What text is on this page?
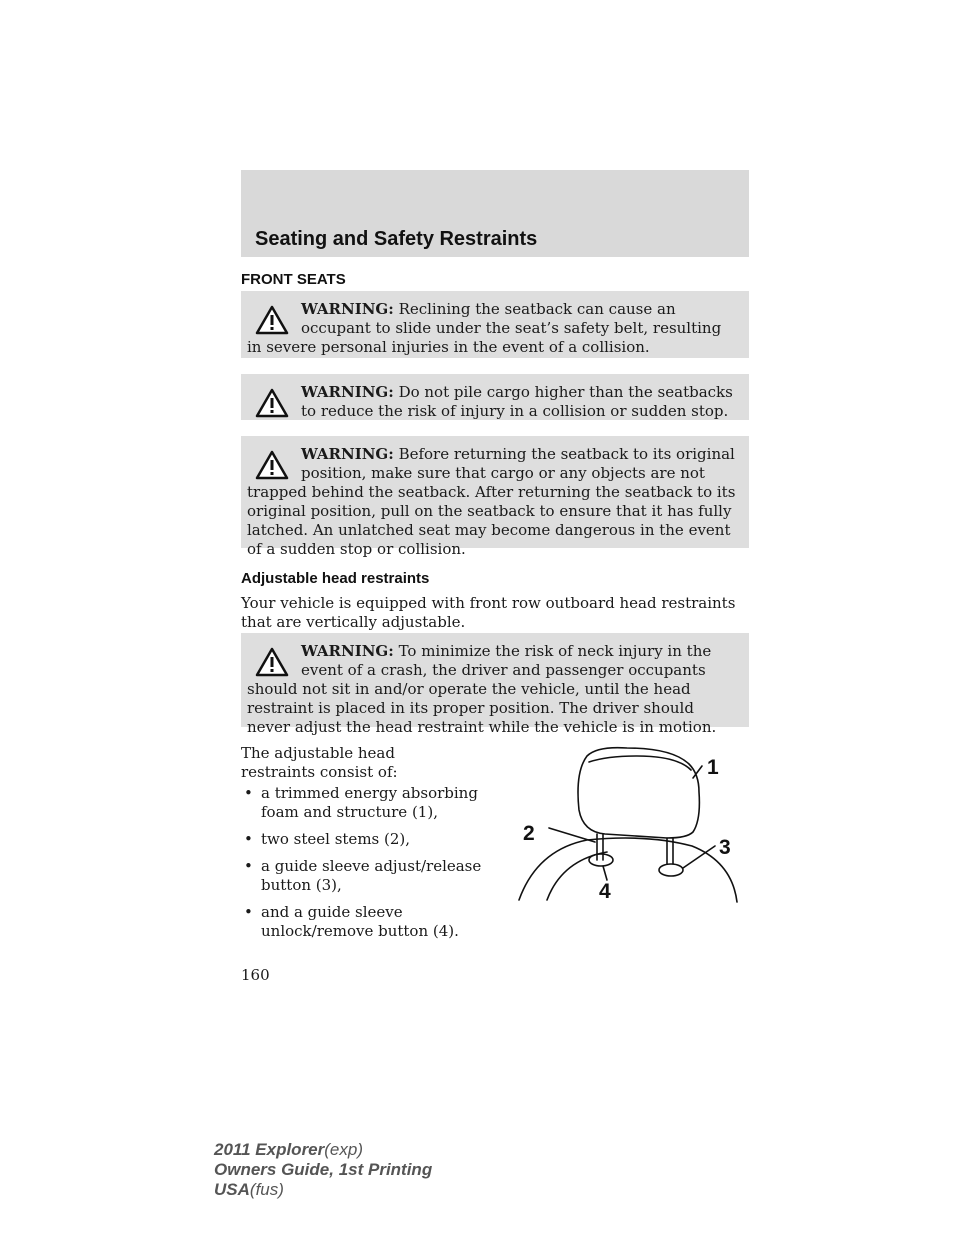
Seating and Safety Restraints
FRONT SEATS
WARNING: Reclining the seatback can cause an occupant to slide under the seat’s safety belt, resulting in severe personal injuries in the event of a collision.
WARNING: Do not pile cargo higher than the seatbacks to reduce the risk of injury in a collision or sudden stop.
WARNING: Before returning the seatback to its original position, make sure that cargo or any objects are not trapped behind the seatback. After returning the seatback to its original position, pull on the seatback to ensure that it has fully latched. An unlatched seat may become dangerous in the event of a sudden stop or collision.
Adjustable head restraints
Your vehicle is equipped with front row outboard head restraints that are vertically adjustable.
WARNING: To minimize the risk of neck injury in the event of a crash, the driver and passenger occupants should not sit in and/or operate the vehicle, until the head restraint is placed in its proper position. The driver should never adjust the head restraint while the vehicle is in motion.
The adjustable head restraints consist of:
• a trimmed energy absorbing foam and structure (1),
• two steel stems (2),
• a guide sleeve adjust/release button (3),
• and a guide sleeve unlock/remove button (4).
1
2
3
4
160
2011 Explorer(exp)
Owners Guide, 1st Printing
USA(fus)
